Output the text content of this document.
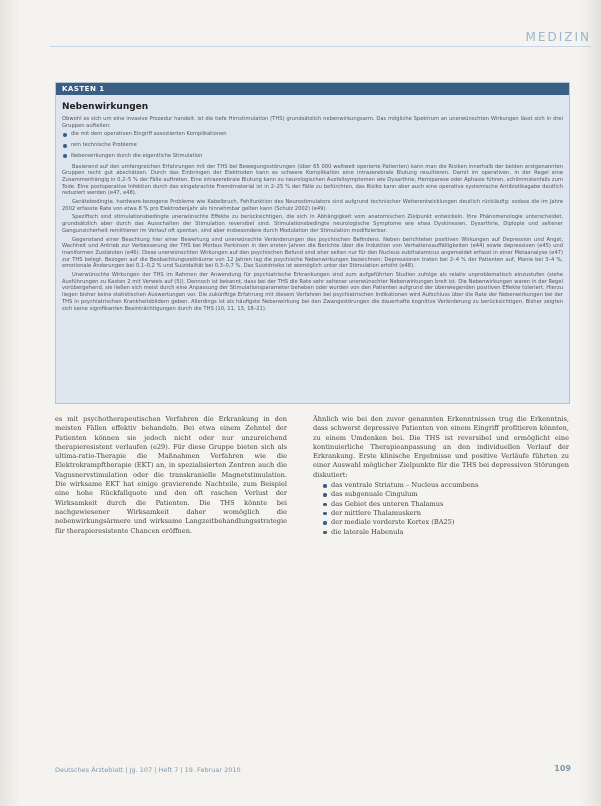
MEDIZIN
KASTEN 1
Nebenwirkungen

Obwohl es sich um eine invasive Prozedur handelt, ist die tiefe Hirnstimulation (THS) grundsätzlich nebenwirkungsarm. Das mögliche Spektrum an unerwünschten Wirkungen lässt sich in drei Gruppen aufteilen:

die mit dem operativen Eingriff assoziierten Komplikationen
rein technische Probleme
Nebenwirkungen durch die eigentliche Stimulation

Basierend auf den umfangreichen Erfahrungen mit der THS bei Bewegungsstörungen (über 65 000 weltweit operierte Patienten) kann man die Risiken innerhalb der beiden erstgenannten Gruppen recht gut abschätzen. Durch das Einbringen der Elektroden kann es schwere Komplikation eine intrazerebrale Blutung resultieren. Damit im operativen, in der Regel eine Zusammenhängig in 0,2–5 % der Fälle auftreten. Eine intrazerebrale Blutung kann zu neurologischen Ausfallsymptomen wie Dysarthrie, Hemiparese oder Aphasie führen, schlimmstenfalls zum Tode. Eine postoperative Infektion durch das eingebrachte Fremdmaterial ist in 2–25 % der Fälle zu befürchten, das Risiko kann aber auch eine operative systemische Antibiotikagabe deutlich reduziert werden (e47, e48).

Gerätebedingte, hardware-bezogene Probleme wie Kabelbruch, Fehlfunktion des Neurostimulators sind aufgrund technischer Weiterentwicklungen deutlich rückläufig: sodass die im Jahre 2002 erfasste Rate von etwa 8 % pro Elektrodenjahr als hinnehmbar gelten kann (Schulz 2002) (e49).

Spezifisch sind stimulationsbedingte unerwünschte Effekte zu berücksichtigen, die sich in Abhängigkeit vom anatomischen Zielpunkt entwickeln. Ihre Phänomenologie unterscheidet, grundsätzlich aber durch das Ausschalten der Stimulation reversibel sind. Stimulationsbedingte neurologische Symptome wie etwa Dyskinesien, Dysarthrie, Diplopie und seltener Gangunsicherheit remittieren im Verlauf oft spontan, sind aber insbesondere durch Modulation der Stimulation modifizierbar.

Gegenstand einer Beachtung hier einer Bewertung sind unerwünschte Veränderungen des psychischen Befindens. Neben berichteten positiven Wirkungen auf Depression und Angst, Wachheit und Antrieb zur Verbesserung der THS bei Morbus Parkinson in den ersten Jahren die Berichte über die Induktion von Verhaltensauffälligkeiten (e44) sowie depressiven (e45) und maniformen Zuständen (e46). Diese unerwünschten Wirkungen auf den psychischen Befund sind eher selten nur für den Nucleus subthalamicus angemeldet erfasst in einer Metaanalyse (e47) zur THS belegt. Bezogen auf die Beobachtungszeiträume von 12 Jahren lag die psychische Nebenwirkungen bezeichnen: Depressionen traten bei 2–4 % der Patienten auf, Manie bei 3–4 %, emotionale Änderungen bei 0,1–0,2 % und Suizidalität bei 0,3–0,7 %. Das Suizidrisiko ist womöglich unter der Stimulation erhöht (e48).

Unerwünschte Wirkungen der THS im Rahmen der Anwendung für psychiatrische Erkrankungen sind zum aufgeführten Studien zufolge als relativ unproblematisch einzustufen (siehe Ausführungen zu Kasten 2 mit Verweis auf (5)). Dennoch ist bekannt, dass bei der THS die Rate sehr seltener unerwünschter Nebenwirkungen breit ist. Die Nebenwirkungen waren in der Regel vorübergehend, sie ließen sich meist durch eine Anpassung der Stimulationsparameter beheben oder wurden von den Patienten aufgrund der überwiegenden positiven Effekte toleriert. Hierzu liegen bisher keine statistischen Auswertungen vor. Die zukünftige Erfahrung mit diesem Verfahren bei psychiatrischen Indikationen wird Aufschluss über die Rate der Nebenwirkungen bei der THS in psychiatrischen Krankheitsbildern geben. Allerdings ist als häufigste Nebenwirkung bei den Zwangsstörungen die dauerhafte kognitive Veränderung zu berücksichtigen. Bisher zeigten sich keine signifikanten Beeinträchtigungen durch die THS (10, 11, 13, 18–21).

es mit psychotherapeutischen Verfahren die Erkrankung in den meisten Fällen effektiv behandeln. Bei etwa einem Zehntel der Patienten können sie jedoch nicht oder nur unzureichend therapieresistent verlaufen (e29). Für diese Gruppe bieten sich als ultima-ratio-Therapie die Maßnahmen Verfahren wie die Elektrokrampftherapie (EKT) an, in spezialisierten Zentren auch die Vagusnervstimulation oder die transkranielle Magnetstimulation. Die wirksame EKT hat einige gravierende Nachteile, zum Beispiel eine hohe Rückfallquote und den oft raschen Verlust der Wirksamkeit durch die Patienten. Die THS könnte bei nachgewiesener Wirksamkeit daher womöglich die nebenwirkungsärmere und wirksame Langzeitbehandlungsstrategie für therapieresistente Chancen eröffnen.

Ähnlich wie bei den zuvor genannten Erkenntnissen trug die Erkenntnis, dass schwerst depressive Patienten von einem Eingriff profitieren könnten, zu einem Umdenken bei. Die THS ist reversibel und ermöglicht eine kontinuierliche Therapieanpassung an den individuellen Verlauf der Erkrankung. Erste klinische Ergebnisse und positive Verläufe führten zu einer Auswahl möglicher Zielpunkte für die THS bei depressiven Störungen diskutiert:

das ventrale Striatum – Nucleus accumbens
das subgenuale Cingulum
das Gebiet des unteren Thalamus
der mittlere Thalamuskern
der mediale vorderste Kortex (BA25)
die laterale Habenula
Deutsches Ärzteblatt | Jg. 107 | Heft 7 | 19. Februar 2010	109
